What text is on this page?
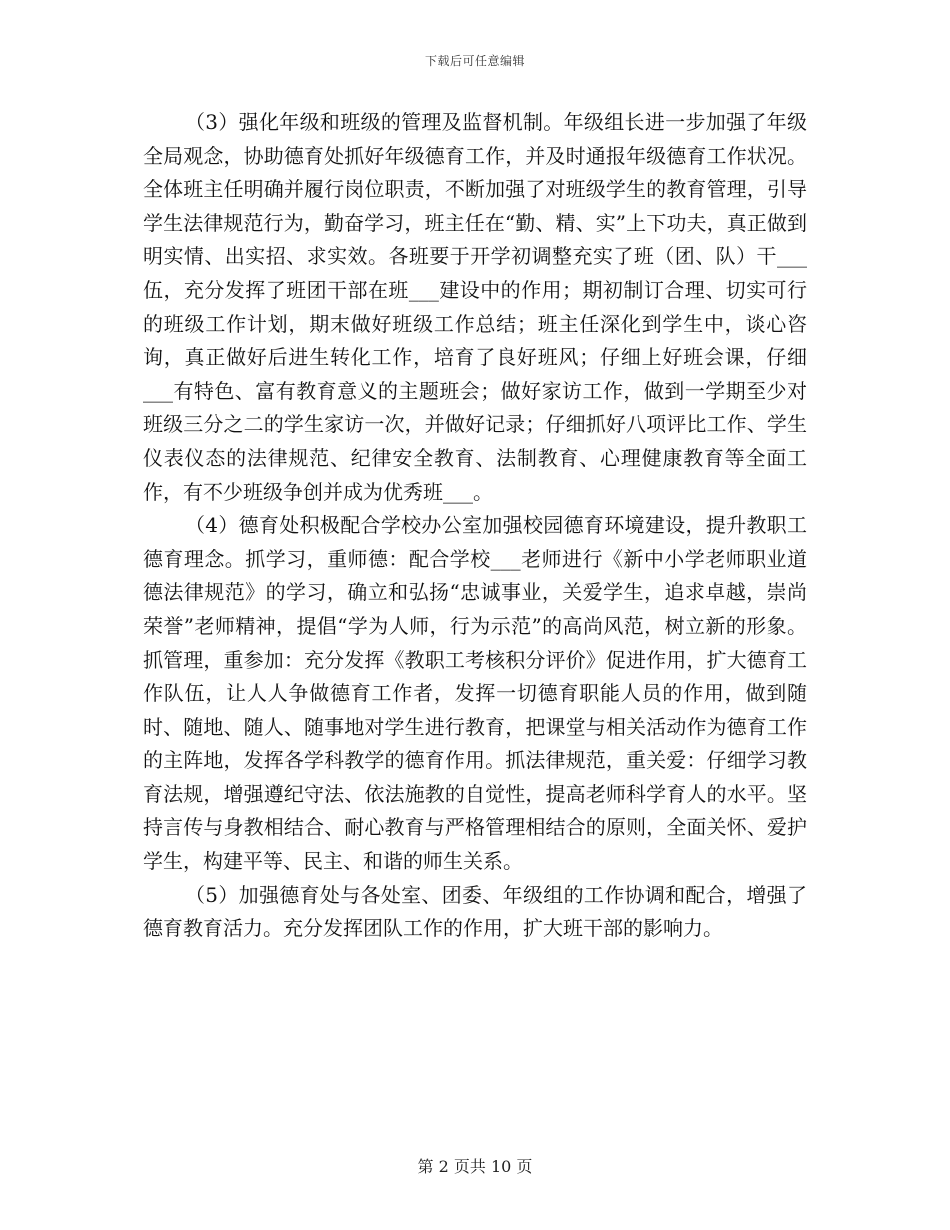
下载后可任意编辑

（3）强化年级和班级的管理及监督机制。年级组长进一步加强了年级全局观念，协助德育处抓好年级德育工作，并及时通报年级德育工作状况。全体班主任明确并履行岗位职责，不断加强了对班级学生的教育管理，引导学生法律规范行为，勤奋学习，班主任在“勤、精、实”上下功夫，真正做到明实情、出实招、求实效。各班要于开学初调整充实了班（团、队）干___伍，充分发挥了班团干部在班___建设中的作用；期初制订合理、切实可行的班级工作计划，期末做好班级工作总结；班主任深化到学生中，谈心咨询，真正做好后进生转化工作，培育了良好班风；仔细上好班会课，仔细___有特色、富有教育意义的主题班会；做好家访工作，做到一学期至少对班级三分之二的学生家访一次，并做好记录；仔细抓好八项评比工作、学生仪表仪态的法律规范、纪律安全教育、法制教育、心理健康教育等全面工作，有不少班级争创并成为优秀班___。

（4）德育处积极配合学校办公室加强校园德育环境建设，提升教职工德育理念。抓学习，重师德：配合学校___老师进行《新中小学老师职业道德法律规范》的学习，确立和弘扬“忠诚事业，关爱学生，追求卓越，崇尚荣誉”老师精神，提倡“学为人师，行为示范”的高尚风范，树立新的形象。抓管理，重参加：充分发挥《教职工考核积分评价》促进作用，扩大德育工作队伍，让人人争做德育工作者，发挥一切德育职能人员的作用，做到随时、随地、随人、随事地对学生进行教育，把课堂与相关活动作为德育工作的主阵地，发挥各学科教学的德育作用。抓法律规范，重关爱：仔细学习教育法规，增强遵纪守法、依法施教的自觉性，提高老师科学育人的水平。坚持言传与身教相结合、耐心教育与严格管理相结合的原则，全面关怀、爱护学生，构建平等、民主、和谐的师生关系。

（5）加强德育处与各处室、团委、年级组的工作协调和配合，增强了德育教育活力。充分发挥团队工作的作用，扩大班干部的影响力。

第 2 页共 10 页
